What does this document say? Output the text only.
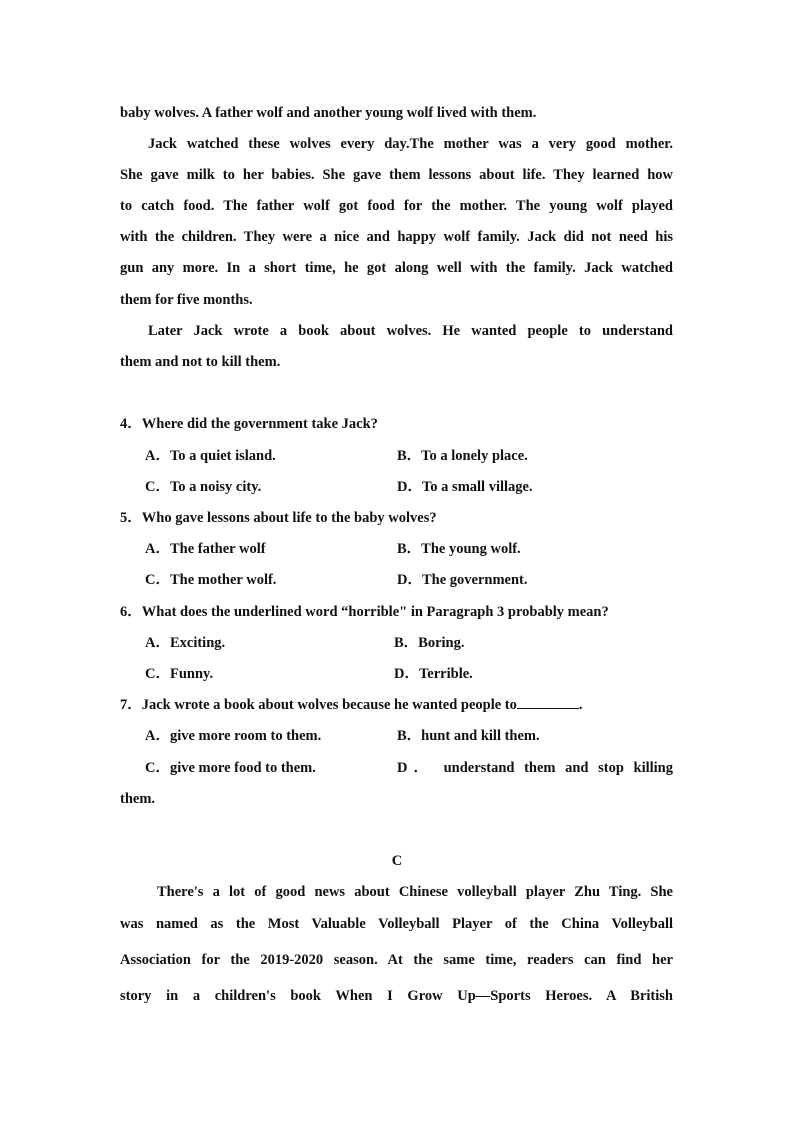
baby wolves. A father wolf and another young wolf lived with them.
Jack watched these wolves every day.The mother was a very good mother.
She gave milk to her babies. She gave them lessons about life. They learned how
to catch food. The father wolf got food for the mother. The young wolf played
with the children. They were a nice and happy wolf family. Jack did not need his
gun any more. In a short time, he got along well with the family. Jack watched
them for five months.
Later Jack wrote a book about wolves. He wanted people to understand
them and not to kill them.
4．Where did the government take Jack?
A．To a quiet island.	B．To a lonely place.
C．To a noisy city.	D．To a small village.
5．Who gave lessons about life to the baby wolves?
A．The father wolf	B．The young wolf.
C．The mother wolf.	D．The government.
6．What does the underlined word “horrible" in Paragraph 3 probably mean?
A．Exciting.	B．Boring.
C．Funny.	D．Terrible.
7．Jack wrote a book about wolves because he wanted people to	.
A．give more room to them.	B．hunt and kill them.
C．give more food to them.	D． understand them and stop killing
them.
C
There's a lot of good news about Chinese volleyball player Zhu Ting. She
was named as the Most Valuable Volleyball Player of the China Volleyball
Association for the 2019-2020 season. At the same time, readers can find her
story in a children's book When I Grow Up—Sports Heroes. A British
